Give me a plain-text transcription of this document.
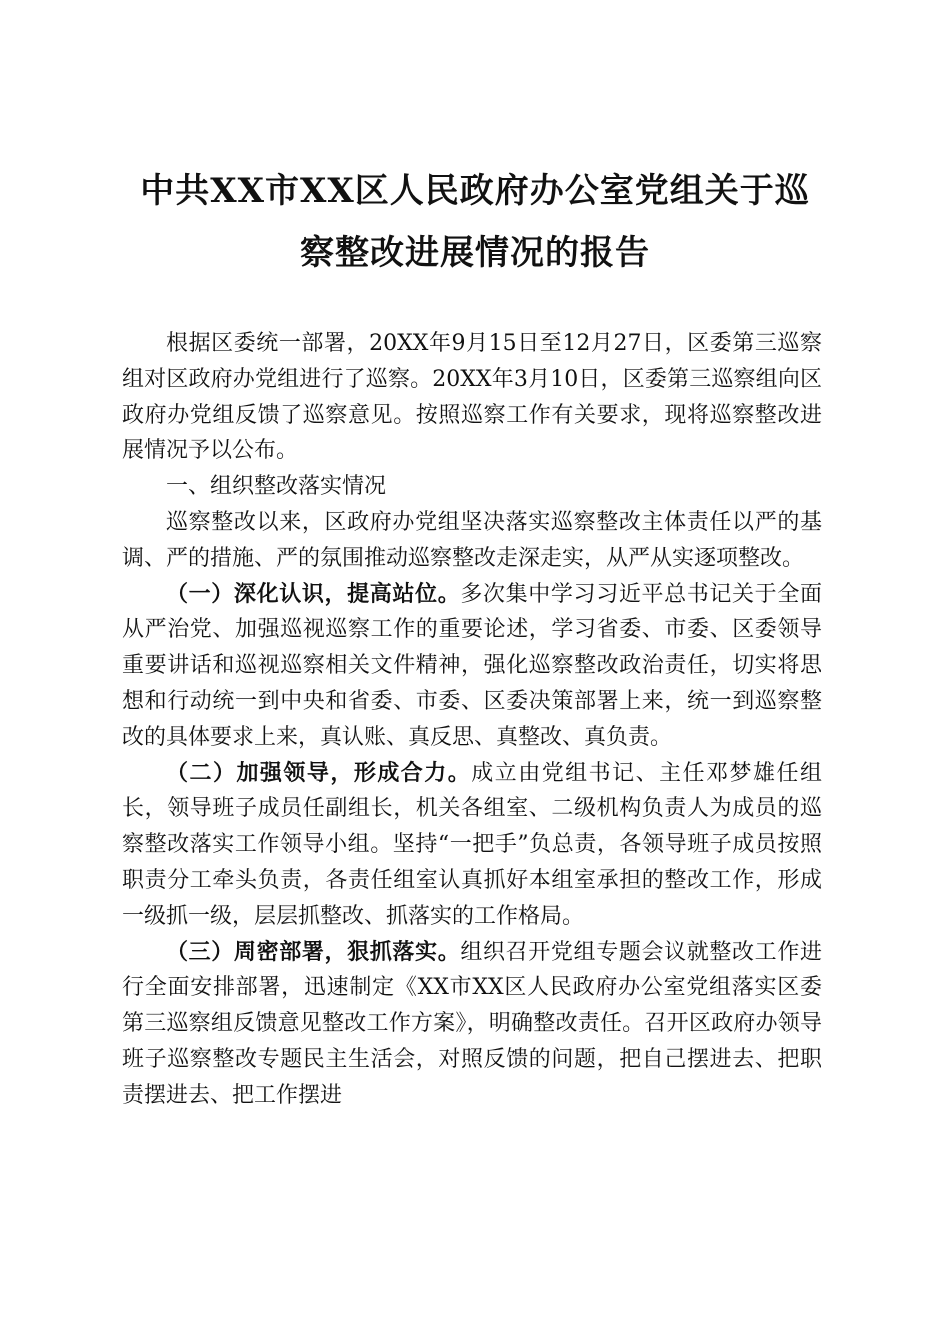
中共XX市XX区人民政府办公室党组关于巡
察整改进展情况的报告

根据区委统一部署，20XX年9月15日至12月27日，区委第三巡察组对区政府办党组进行了巡察。20XX年3月10日，区委第三巡察组向区政府办党组反馈了巡察意见。按照巡察工作有关要求，现将巡察整改进展情况予以公布。

一、组织整改落实情况

巡察整改以来，区政府办党组坚决落实巡察整改主体责任以严的基调、严的措施、严的氛围推动巡察整改走深走实，从严从实逐项整改。

（一）深化认识，提高站位。多次集中学习习近平总书记关于全面从严治党、加强巡视巡察工作的重要论述，学习省委、市委、区委领导重要讲话和巡视巡察相关文件精神，强化巡察整改政治责任，切实将思想和行动统一到中央和省委、市委、区委决策部署上来，统一到巡察整改的具体要求上来，真认账、真反思、真整改、真负责。

（二）加强领导，形成合力。成立由党组书记、主任邓梦雄任组长，领导班子成员任副组长，机关各组室、二级机构负责人为成员的巡察整改落实工作领导小组。坚持“一把手”负总责，各领导班子成员按照职责分工牵头负责，各责任组室认真抓好本组室承担的整改工作，形成一级抓一级，层层抓整改、抓落实的工作格局。

（三）周密部署，狠抓落实。组织召开党组专题会议就整改工作进行全面安排部署，迅速制定《XX市XX区人民政府办公室党组落实区委第三巡察组反馈意见整改工作方案》，明确整改责任。召开区政府办领导班子巡察整改专题民主生活会，对照反馈的问题，把自己摆进去、把职责摆进去、把工作摆进
